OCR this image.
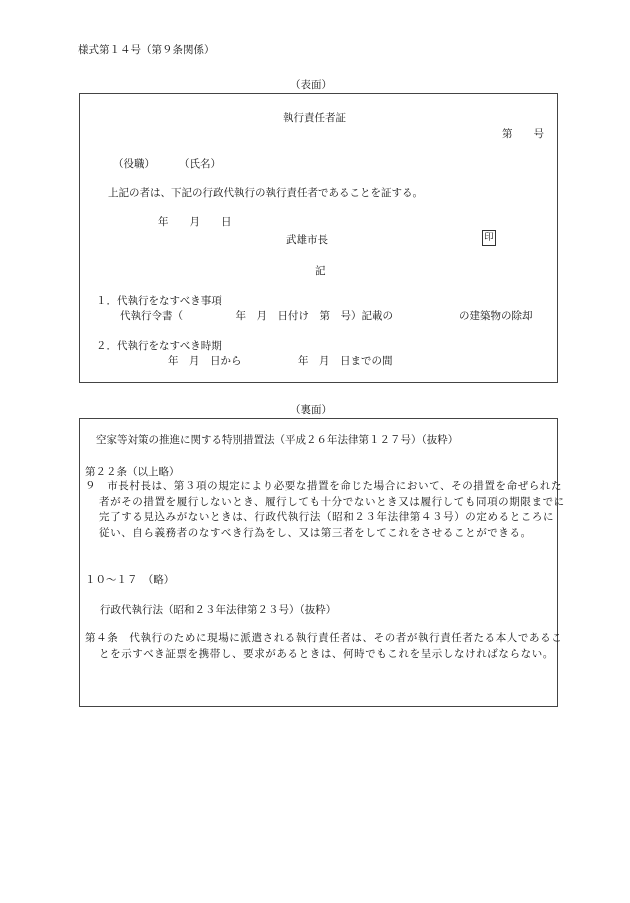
様式第１４号（第９条関係）
（表面）
執行責任者証
第　　号
（役職） （氏名）
上記の者は、下記の行政代執行の執行責任者であることを証する。
年　　月　　日
武雄市長	印
記
１．代執行をなすべき事項
代執行令書（　　　　　年　月　日付け　第　号）記載の	の建築物の除却
２．代執行をなすべき時期
年　月　日から	年　月　日までの間
（裏面）
空家等対策の推進に関する特別措置法（平成２６年法律第１２７号）（抜粋）
第２２条（以上略）
９　市長村長は、第３項の規定により必要な措置を命じた場合において、その措置を命ぜられた者がその措置を履行しないとき、履行しても十分でないとき又は履行しても同項の期限までに完了する見込みがないときは、行政代執行法（昭和２３年法律第４３号）の定めるところに従い、自ら義務者のなすべき行為をし、又は第三者をしてこれをさせることができる。
１０～１７　（略）
行政代執行法（昭和２３年法律第２３号）（抜粋）
第４条　代執行のために現場に派遣される執行責任者は、その者が執行責任者たる本人であることを示すべき証票を携帯し、要求があるときは、何時でもこれを呈示しなければならない。
